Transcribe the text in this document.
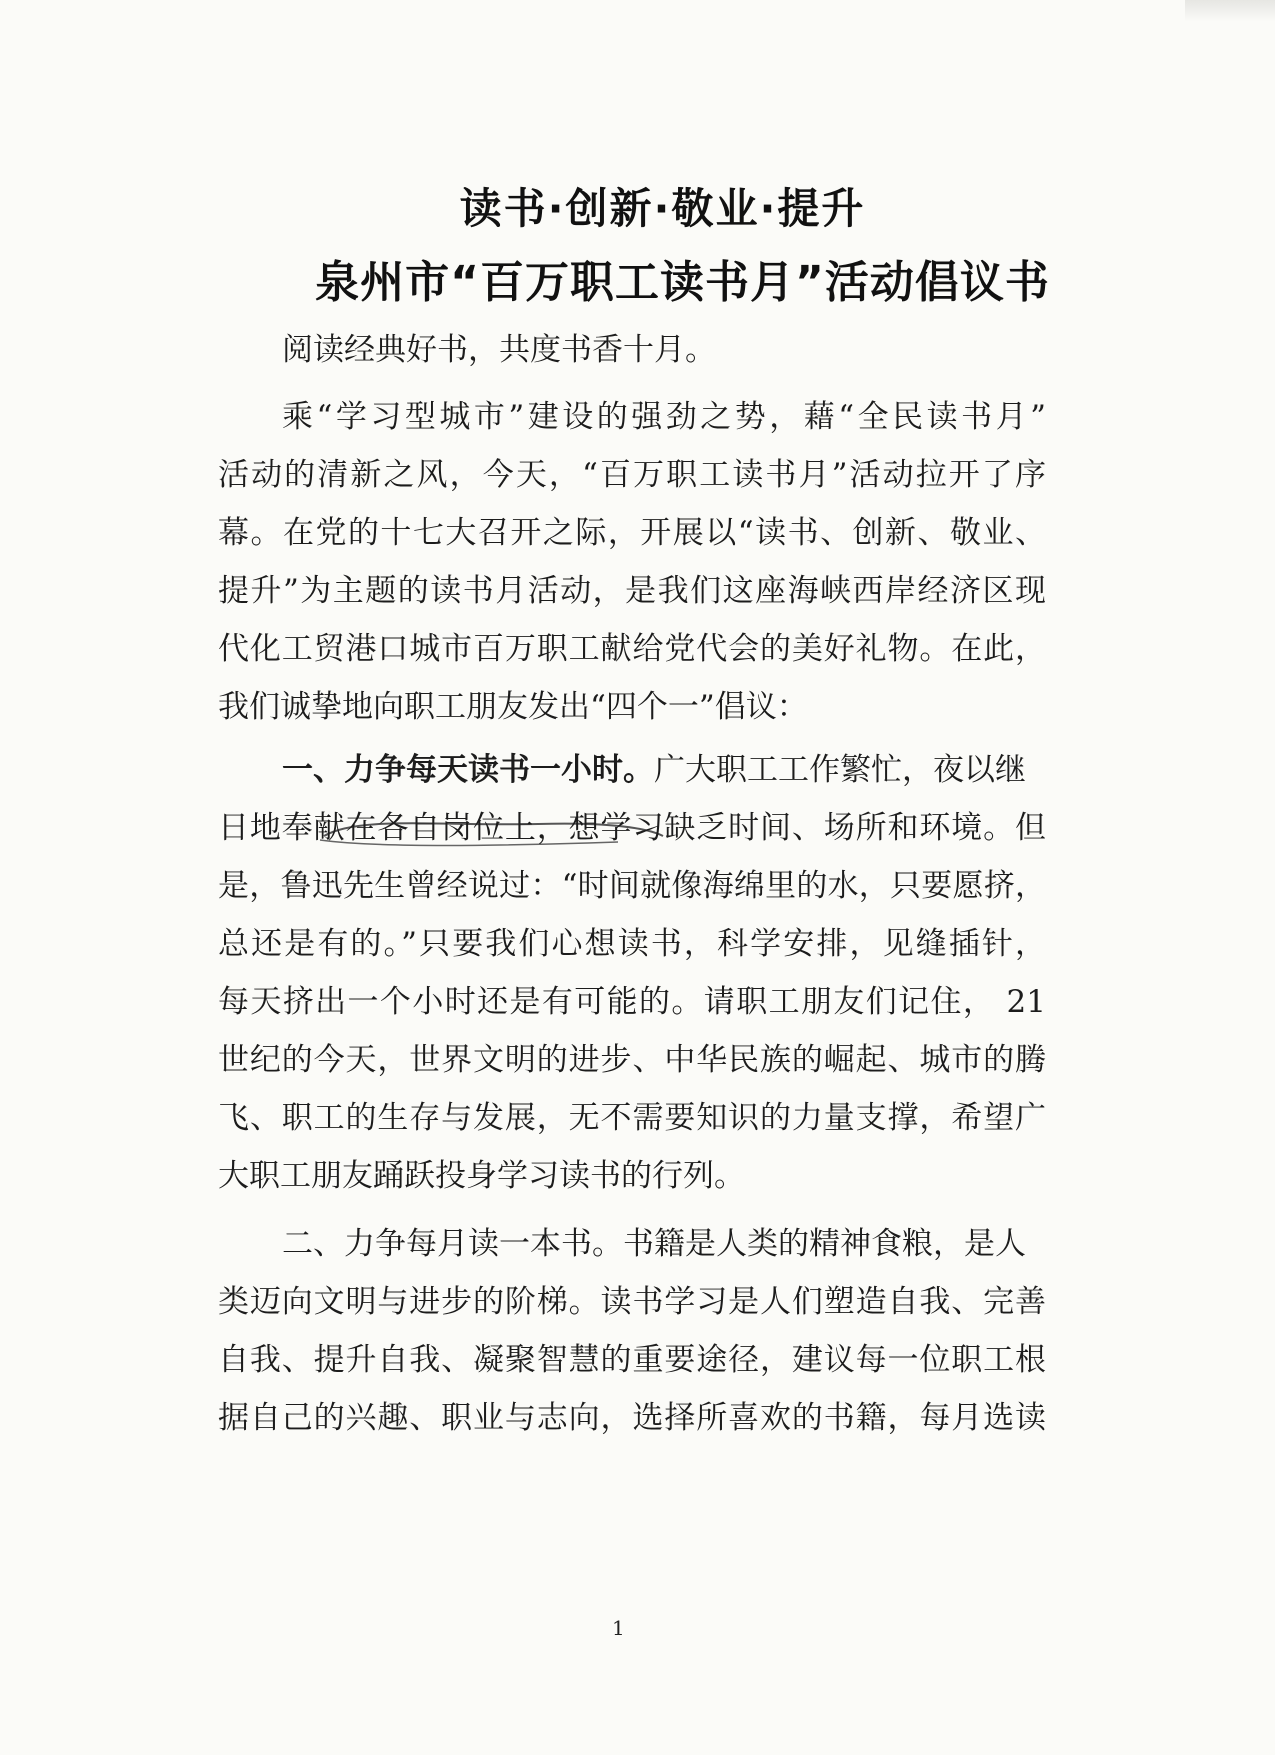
读书·创新·敬业·提升
泉州市“百万职工读书月”活动倡议书
阅读经典好书，共度书香十月。
乘“学习型城市”建设的强劲之势，藉“全民读书月”
活动的清新之风，今天，“百万职工读书月”活动拉开了序
幕。在党的十七大召开之际，开展以“读书、创新、敬业、
提升”为主题的读书月活动，是我们这座海峡西岸经济区现
代化工贸港口城市百万职工献给党代会的美好礼物。在此，
我们诚挚地向职工朋友发出“四个一”倡议：
一、力争每天读书一小时。广大职工工作繁忙，夜以继
日地奉献在各自岗位上，想学习缺乏时间、场所和环境。但
是，鲁迅先生曾经说过：“时间就像海绵里的水，只要愿挤，
总还是有的。”只要我们心想读书，科学安排，见缝插针，
每天挤出一个小时还是有可能的。请职工朋友们记住， 21
世纪的今天，世界文明的进步、中华民族的崛起、城市的腾
飞、职工的生存与发展，无不需要知识的力量支撑，希望广
大职工朋友踊跃投身学习读书的行列。
二、力争每月读一本书。书籍是人类的精神食粮，是人
类迈向文明与进步的阶梯。读书学习是人们塑造自我、完善
自我、提升自我、凝聚智慧的重要途径，建议每一位职工根
据自己的兴趣、职业与志向，选择所喜欢的书籍，每月选读
1
